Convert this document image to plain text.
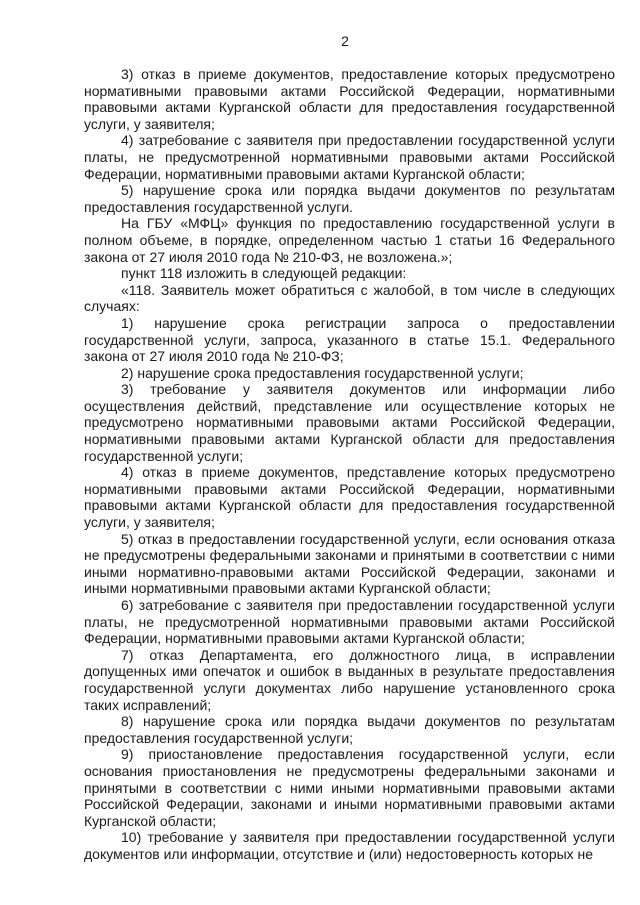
2

3) отказ в приеме документов, предоставление которых предусмотрено нормативными правовыми актами Российской Федерации, нормативными правовыми актами Курганской области для предоставления государственной услуги, у заявителя;

4) затребование с заявителя при предоставлении государственной услуги платы, не предусмотренной нормативными правовыми актами Российской Федерации, нормативными правовыми актами Курганской области;

5) нарушение срока или порядка выдачи документов по результатам предоставления государственной услуги.

На ГБУ «МФЦ» функция по предоставлению государственной услуги в полном объеме, в порядке, определенном частью 1 статьи 16 Федерального закона от 27 июля 2010 года № 210-ФЗ, не возложена.»;

пункт 118 изложить в следующей редакции:

«118. Заявитель может обратиться с жалобой, в том числе в следующих случаях:

1) нарушение срока регистрации запроса о предоставлении государственной услуги, запроса, указанного в статье 15.1. Федерального закона от 27 июля 2010 года № 210-ФЗ;

2) нарушение срока предоставления государственной услуги;

3) требование у заявителя документов или информации либо осуществления действий, представление или осуществление которых не предусмотрено нормативными правовыми актами Российской Федерации, нормативными правовыми актами Курганской области для предоставления государственной услуги;

4) отказ в приеме документов, представление которых предусмотрено нормативными правовыми актами Российской Федерации, нормативными правовыми актами Курганской области для предоставления государственной услуги, у заявителя;

5) отказ в предоставлении государственной услуги, если основания отказа не предусмотрены федеральными законами и принятыми в соответствии с ними иными нормативно-правовыми актами Российской Федерации, законами и иными нормативными правовыми актами Курганской области;

6) затребование с заявителя при предоставлении государственной услуги платы, не предусмотренной нормативными правовыми актами Российской Федерации, нормативными правовыми актами Курганской области;

7) отказ Департамента, его должностного лица, в исправлении допущенных ими опечаток и ошибок в выданных в результате предоставления государственной услуги документах либо нарушение установленного срока таких исправлений;

8) нарушение срока или порядка выдачи документов по результатам предоставления государственной услуги;

9) приостановление предоставления государственной услуги, если основания приостановления не предусмотрены федеральными законами и принятыми в соответствии с ними иными нормативными правовыми актами Российской Федерации, законами и иными нормативными правовыми актами Курганской области;

10) требование у заявителя при предоставлении государственной услуги документов или информации, отсутствие и (или) недостоверность которых не
